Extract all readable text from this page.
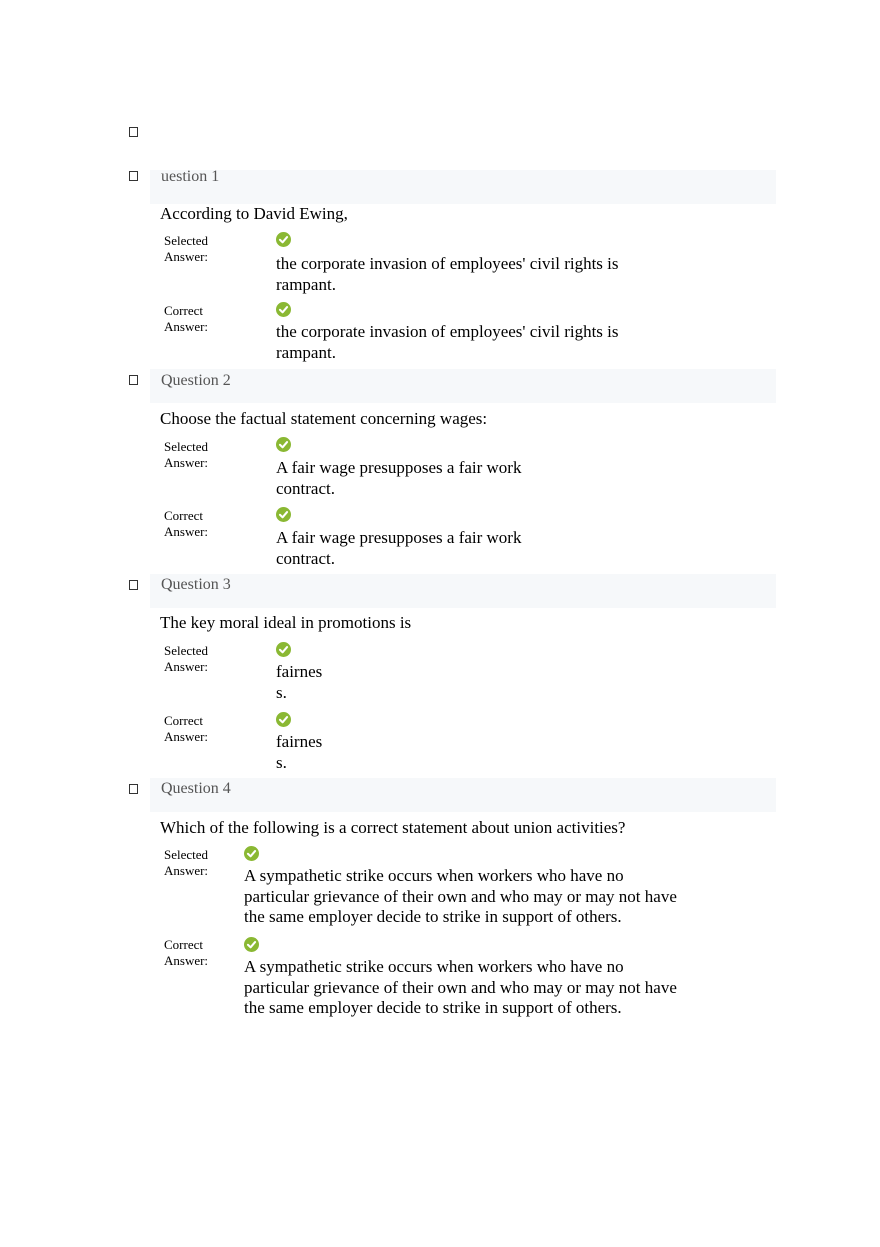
uestion 1
According to David Ewing,
Selected
Answer:	the corporate invasion of employees' civil rights is
rampant.
Correct
Answer:	the corporate invasion of employees' civil rights is
rampant.
Question 2
Choose the factual statement concerning wages:
Selected
Answer:	A fair wage presupposes a fair work
contract.
Correct
Answer:	A fair wage presupposes a fair work
contract.
Question 3
The key moral ideal in promotions is
Selected
Answer:	fairnes
s.
Correct
Answer:	fairnes
s.
Question 4
Which of the following is a correct statement about union activities?
Selected
Answer:	A sympathetic strike occurs when workers who have no
particular grievance of their own and who may or may not have
the same employer decide to strike in support of others.
Correct
Answer:	A sympathetic strike occurs when workers who have no
particular grievance of their own and who may or may not have
the same employer decide to strike in support of others.
